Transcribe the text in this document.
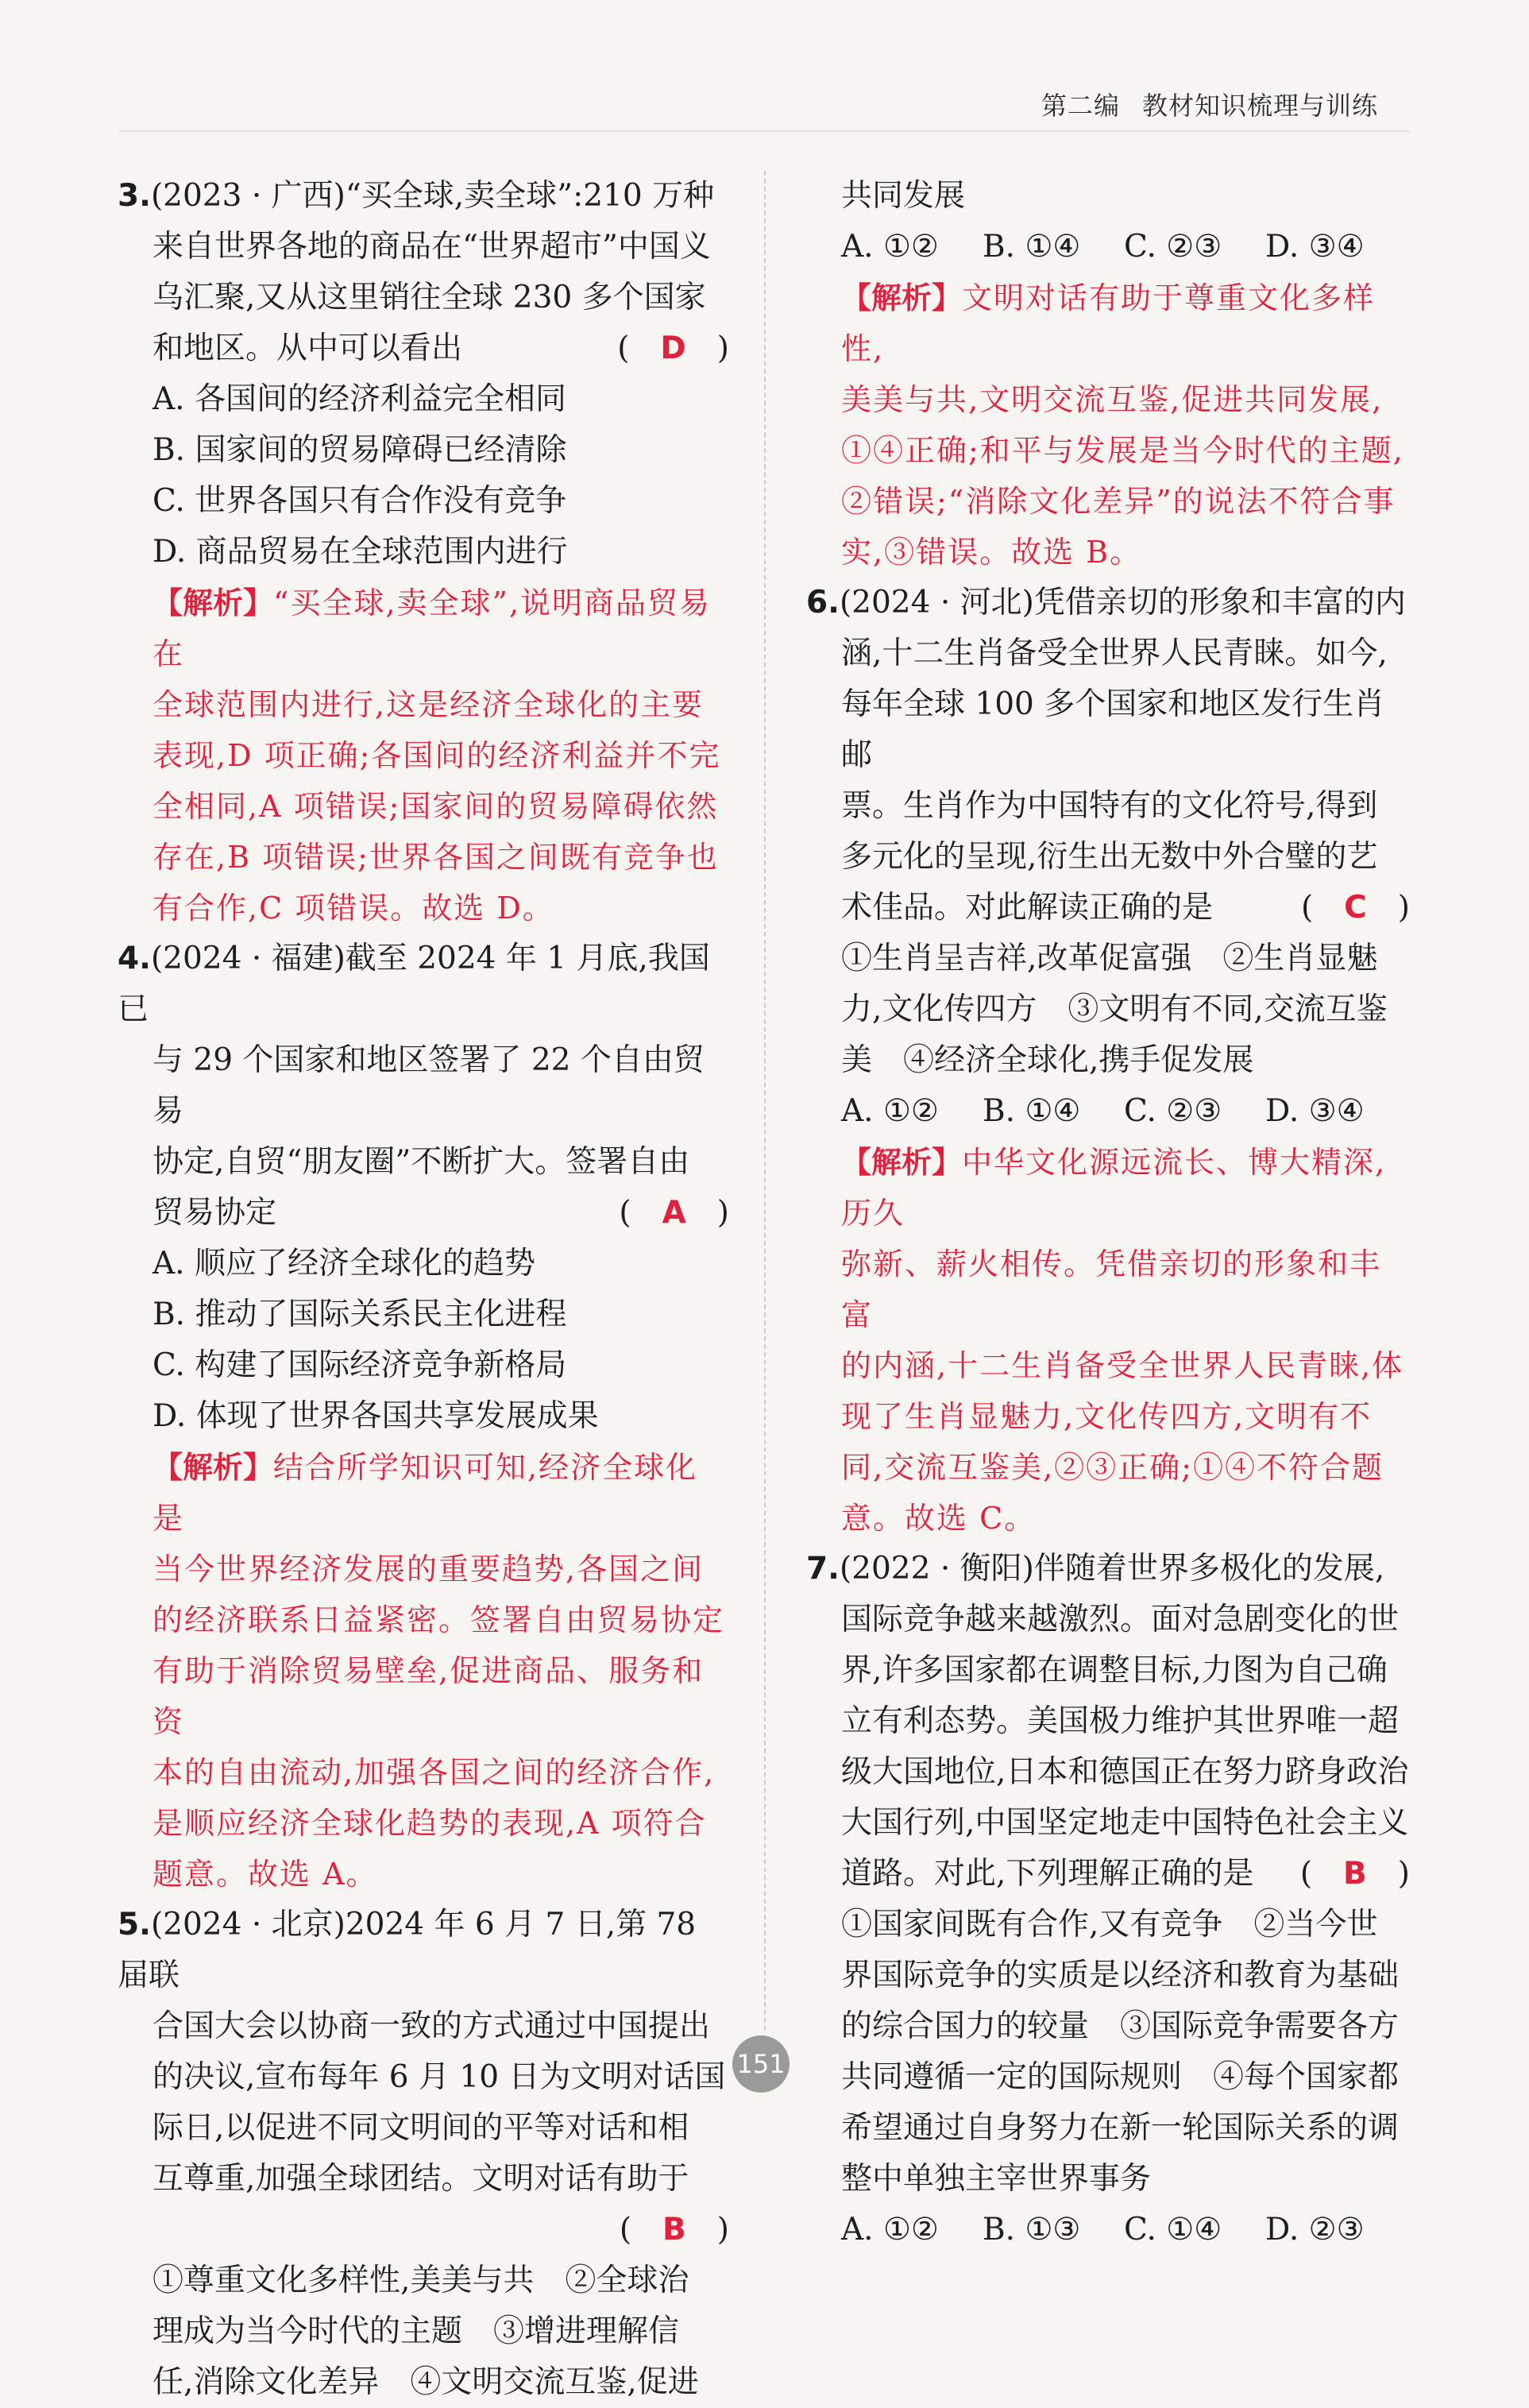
第二编 教材知识梳理与训练
3.(2023 · 广西)“买全球,卖全球”:210 万种
来自世界各地的商品在“世界超市”中国义
乌汇聚,又从这里销往全球 230 多个国家
和地区。从中可以看出	(　D　)
A. 各国间的经济利益完全相同
B. 国家间的贸易障碍已经清除
C. 世界各国只有合作没有竞争
D. 商品贸易在全球范围内进行
【解析】“买全球,卖全球”,说明商品贸易在
全球范围内进行,这是经济全球化的主要
表现,D 项正确;各国间的经济利益并不完
全相同,A 项错误;国家间的贸易障碍依然
存在,B 项错误;世界各国之间既有竞争也
有合作,C 项错误。故选 D。
4.(2024 · 福建)截至 2024 年 1 月底,我国已
与 29 个国家和地区签署了 22 个自由贸易
协定,自贸“朋友圈”不断扩大。签署自由
贸易协定	(　A　)
A. 顺应了经济全球化的趋势
B. 推动了国际关系民主化进程
C. 构建了国际经济竞争新格局
D. 体现了世界各国共享发展成果
【解析】结合所学知识可知,经济全球化是
当今世界经济发展的重要趋势,各国之间
的经济联系日益紧密。签署自由贸易协定
有助于消除贸易壁垒,促进商品、服务和资
本的自由流动,加强各国之间的经济合作,
是顺应经济全球化趋势的表现,A 项符合
题意。故选 A。
5.(2024 · 北京)2024 年 6 月 7 日,第 78 届联
合国大会以协商一致的方式通过中国提出
的决议,宣布每年 6 月 10 日为文明对话国
际日,以促进不同文明间的平等对话和相
互尊重,加强全球团结。文明对话有助于
(　B　)

①尊重文化多样性,美美与共　②全球治
理成为当今时代的主题　③增进理解信
任,消除文化差异　④文明交流互鉴,促进
共同发展
A. ①②	B. ①④	C. ②③	D. ③④
【解析】文明对话有助于尊重文化多样性,
美美与共,文明交流互鉴,促进共同发展,
①④正确;和平与发展是当今时代的主题,
②错误;“消除文化差异”的说法不符合事
实,③错误。故选 B。
6.(2024 · 河北)凭借亲切的形象和丰富的内
涵,十二生肖备受全世界人民青睐。如今,
每年全球 100 多个国家和地区发行生肖邮
票。生肖作为中国特有的文化符号,得到
多元化的呈现,衍生出无数中外合璧的艺
术佳品。对此解读正确的是	(　C　)
①生肖呈吉祥,改革促富强　②生肖显魅
力,文化传四方　③文明有不同,交流互鉴
美　④经济全球化,携手促发展
A. ①②	B. ①④	C. ②③	D. ③④
【解析】中华文化源远流长、博大精深,历久
弥新、薪火相传。凭借亲切的形象和丰富
的内涵,十二生肖备受全世界人民青睐,体
现了生肖显魅力,文化传四方,文明有不
同,交流互鉴美,②③正确;①④不符合题
意。故选 C。
7.(2022 · 衡阳)伴随着世界多极化的发展,
国际竞争越来越激烈。面对急剧变化的世
界,许多国家都在调整目标,力图为自己确
立有利态势。美国极力维护其世界唯一超
级大国地位,日本和德国正在努力跻身政治
大国行列,中国坚定地走中国特色社会主义
道路。对此,下列理解正确的是 (　B　)
①国家间既有合作,又有竞争　②当今世
界国际竞争的实质是以经济和教育为基础
的综合国力的较量　③国际竞争需要各方
共同遵循一定的国际规则　④每个国家都
希望通过自身努力在新一轮国际关系的调
整中单独主宰世界事务
A. ①②	B. ①③	C. ①④	D. ②③
151
